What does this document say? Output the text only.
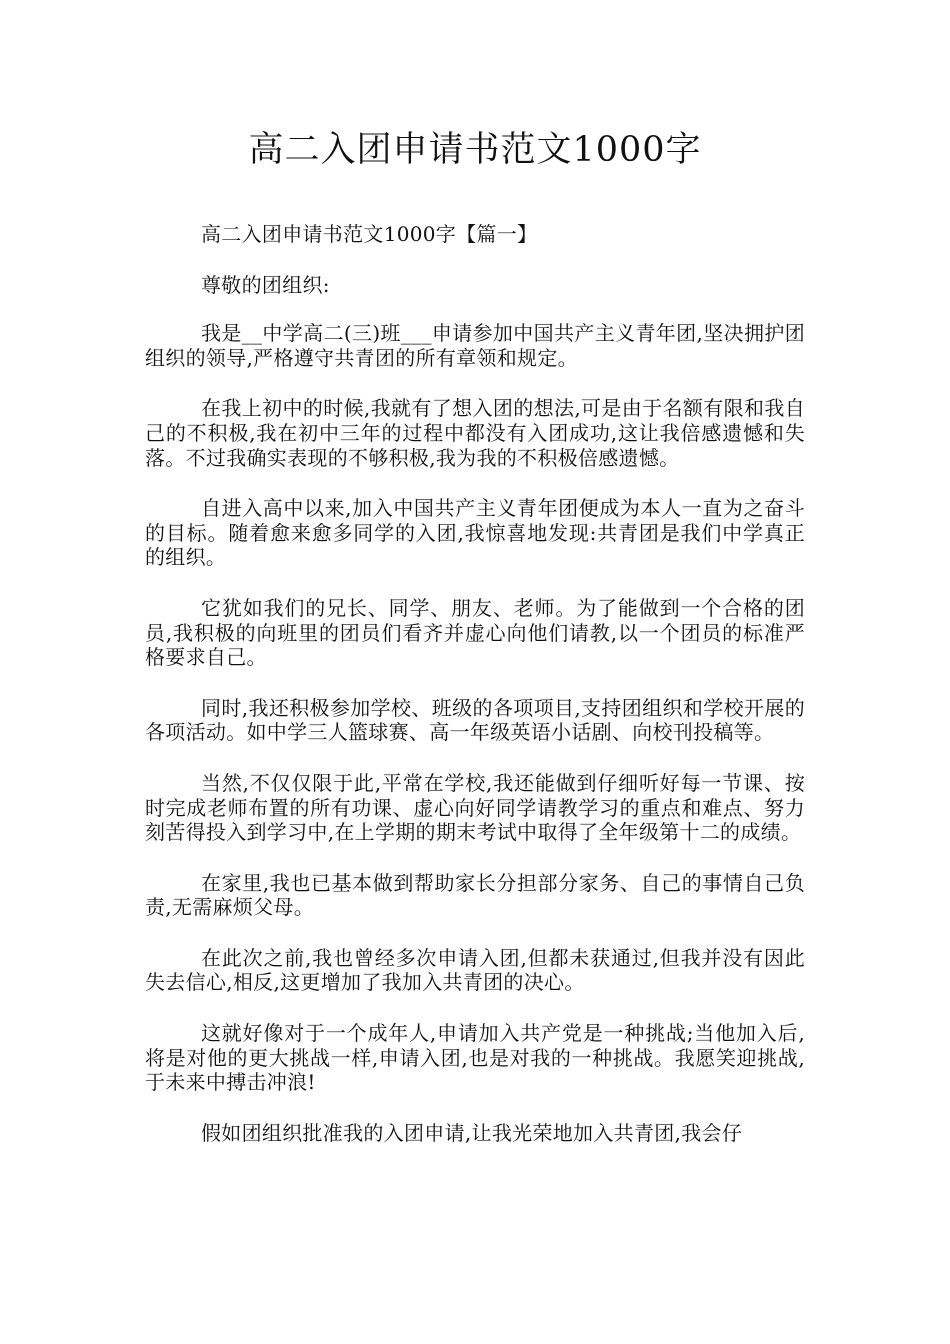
高二入团申请书范文1000字

高二入团申请书范文1000字【篇一】

尊敬的团组织:

我是__中学高二(三)班___申请参加中国共产主义青年团,坚决拥护团组织的领导,严格遵守共青团的所有章领和规定。

在我上初中的时候,我就有了想入团的想法,可是由于名额有限和我自己的不积极,我在初中三年的过程中都没有入团成功,这让我倍感遗憾和失落。不过我确实表现的不够积极,我为我的不积极倍感遗憾。

自进入高中以来,加入中国共产主义青年团便成为本人一直为之奋斗的目标。随着愈来愈多同学的入团,我惊喜地发现:共青团是我们中学真正的组织。

它犹如我们的兄长、同学、朋友、老师。为了能做到一个合格的团员,我积极的向班里的团员们看齐并虚心向他们请教,以一个团员的标准严格要求自己。

同时,我还积极参加学校、班级的各项项目,支持团组织和学校开展的各项活动。如中学三人篮球赛、高一年级英语小话剧、向校刊投稿等。

当然,不仅仅限于此,平常在学校,我还能做到仔细听好每一节课、按时完成老师布置的所有功课、虚心向好同学请教学习的重点和难点、努力刻苦得投入到学习中,在上学期的期末考试中取得了全年级第十二的成绩。

在家里,我也已基本做到帮助家长分担部分家务、自己的事情自己负责,无需麻烦父母。

在此次之前,我也曾经多次申请入团,但都未获通过,但我并没有因此失去信心,相反,这更增加了我加入共青团的决心。

这就好像对于一个成年人,申请加入共产党是一种挑战;当他加入后,将是对他的更大挑战一样,申请入团,也是对我的一种挑战。我愿笑迎挑战,于未来中搏击冲浪!

假如团组织批准我的入团申请,让我光荣地加入共青团,我会仔
